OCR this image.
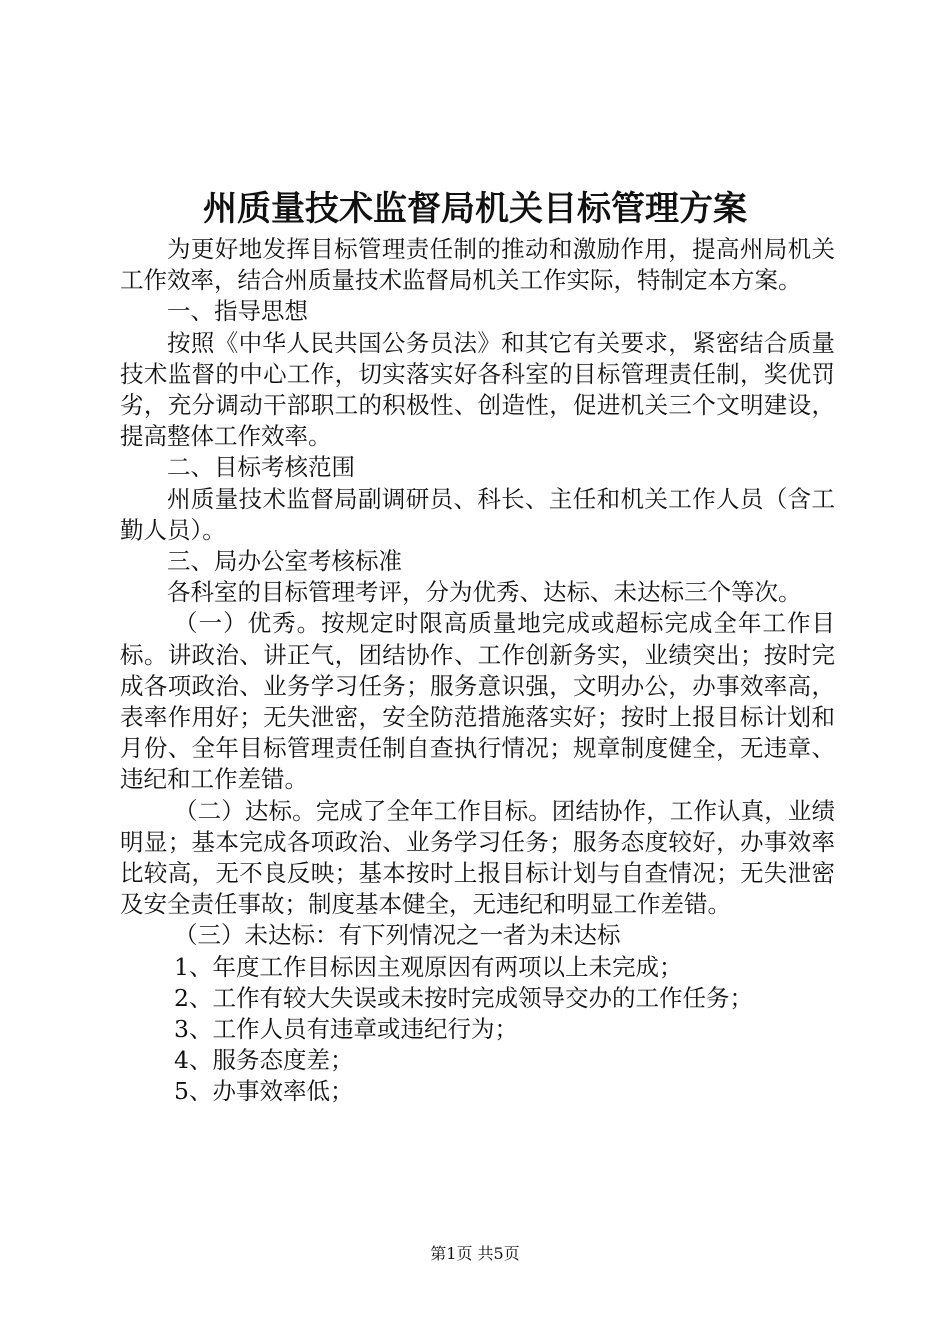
州质量技术监督局机关目标管理方案

为更好地发挥目标管理责任制的推动和激励作用，提高州局机关工作效率，结合州质量技术监督局机关工作实际，特制定本方案。

一、指导思想

按照《中华人民共国公务员法》和其它有关要求，紧密结合质量技术监督的中心工作，切实落实好各科室的目标管理责任制，奖优罚劣，充分调动干部职工的积极性、创造性，促进机关三个文明建设，提高整体工作效率。

二、目标考核范围

州质量技术监督局副调研员、科长、主任和机关工作人员（含工勤人员）。

三、局办公室考核标准

各科室的目标管理考评，分为优秀、达标、未达标三个等次。

（一）优秀。按规定时限高质量地完成或超标完成全年工作目标。讲政治、讲正气，团结协作、工作创新务实，业绩突出；按时完成各项政治、业务学习任务；服务意识强，文明办公，办事效率高，表率作用好；无失泄密，安全防范措施落实好；按时上报目标计划和月份、全年目标管理责任制自查执行情况；规章制度健全，无违章、违纪和工作差错。

（二）达标。完成了全年工作目标。团结协作，工作认真，业绩明显；基本完成各项政治、业务学习任务；服务态度较好，办事效率比较高，无不良反映；基本按时上报目标计划与自查情况；无失泄密及安全责任事故；制度基本健全，无违纪和明显工作差错。

（三）未达标：有下列情况之一者为未达标

1、年度工作目标因主观原因有两项以上未完成；

2、工作有较大失误或未按时完成领导交办的工作任务；

3、工作人员有违章或违纪行为；

4、服务态度差；

5、办事效率低；

第1页 共5页
